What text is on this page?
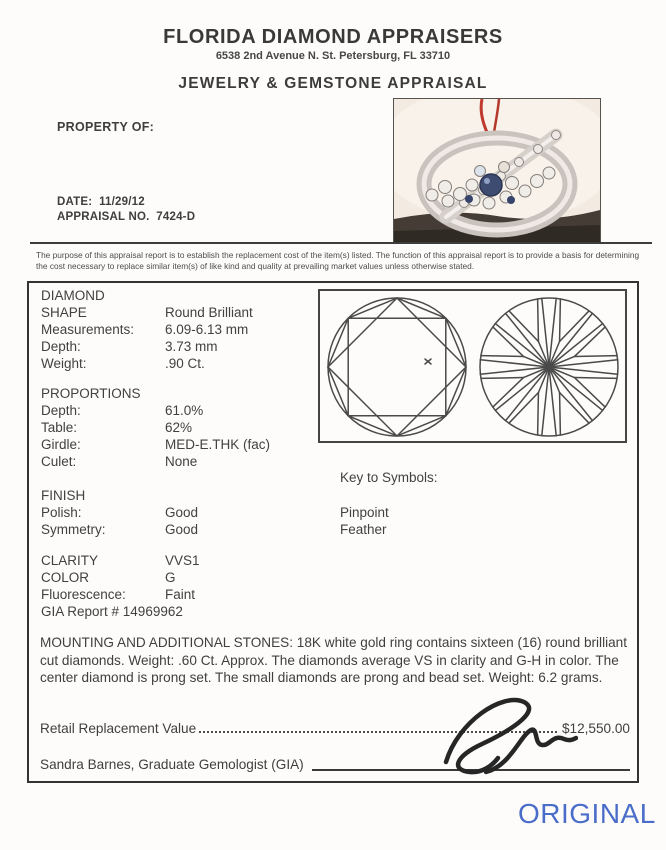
FLORIDA DIAMOND APPRAISERS
6538 2nd Avenue N. St. Petersburg, FL 33710
JEWELRY & GEMSTONE APPRAISAL
PROPERTY OF:
DATE: 11/29/12
APPRAISAL NO. 7424-D
The purpose of this appraisal report is to establish the replacement cost of the item(s) listed. The function of this appraisal report is to provide a basis for determining the cost necessary to replace similar item(s) of like kind and quality at prevailing market values unless otherwise stated.
DIAMOND
SHAPE	Round Brilliant
Measurements:	6.09-6.13 mm
Depth:	3.73 mm
Weight:	.90 Ct.
PROPORTIONS
Depth:	61.0%
Table:	62%
Girdle:	MED-E.THK (fac)
Culet:	None
FINISH
Polish:	Good
Symmetry:	Good
CLARITY	VVS1
COLOR	G
Fluorescence:	Faint
GIA Report # 14969962
Key to Symbols:
Pinpoint
Feather
MOUNTING AND ADDITIONAL STONES: 18K white gold ring contains sixteen (16) round brilliant cut diamonds. Weight: .60 Ct. Approx. The diamonds average VS in clarity and G-H in color. The center diamond is prong set. The small diamonds are prong and bead set. Weight: 6.2 grams.
Retail Replacement Value	$12,550.00
Sandra Barnes, Graduate Gemologist (GIA)
ORIGINAL
